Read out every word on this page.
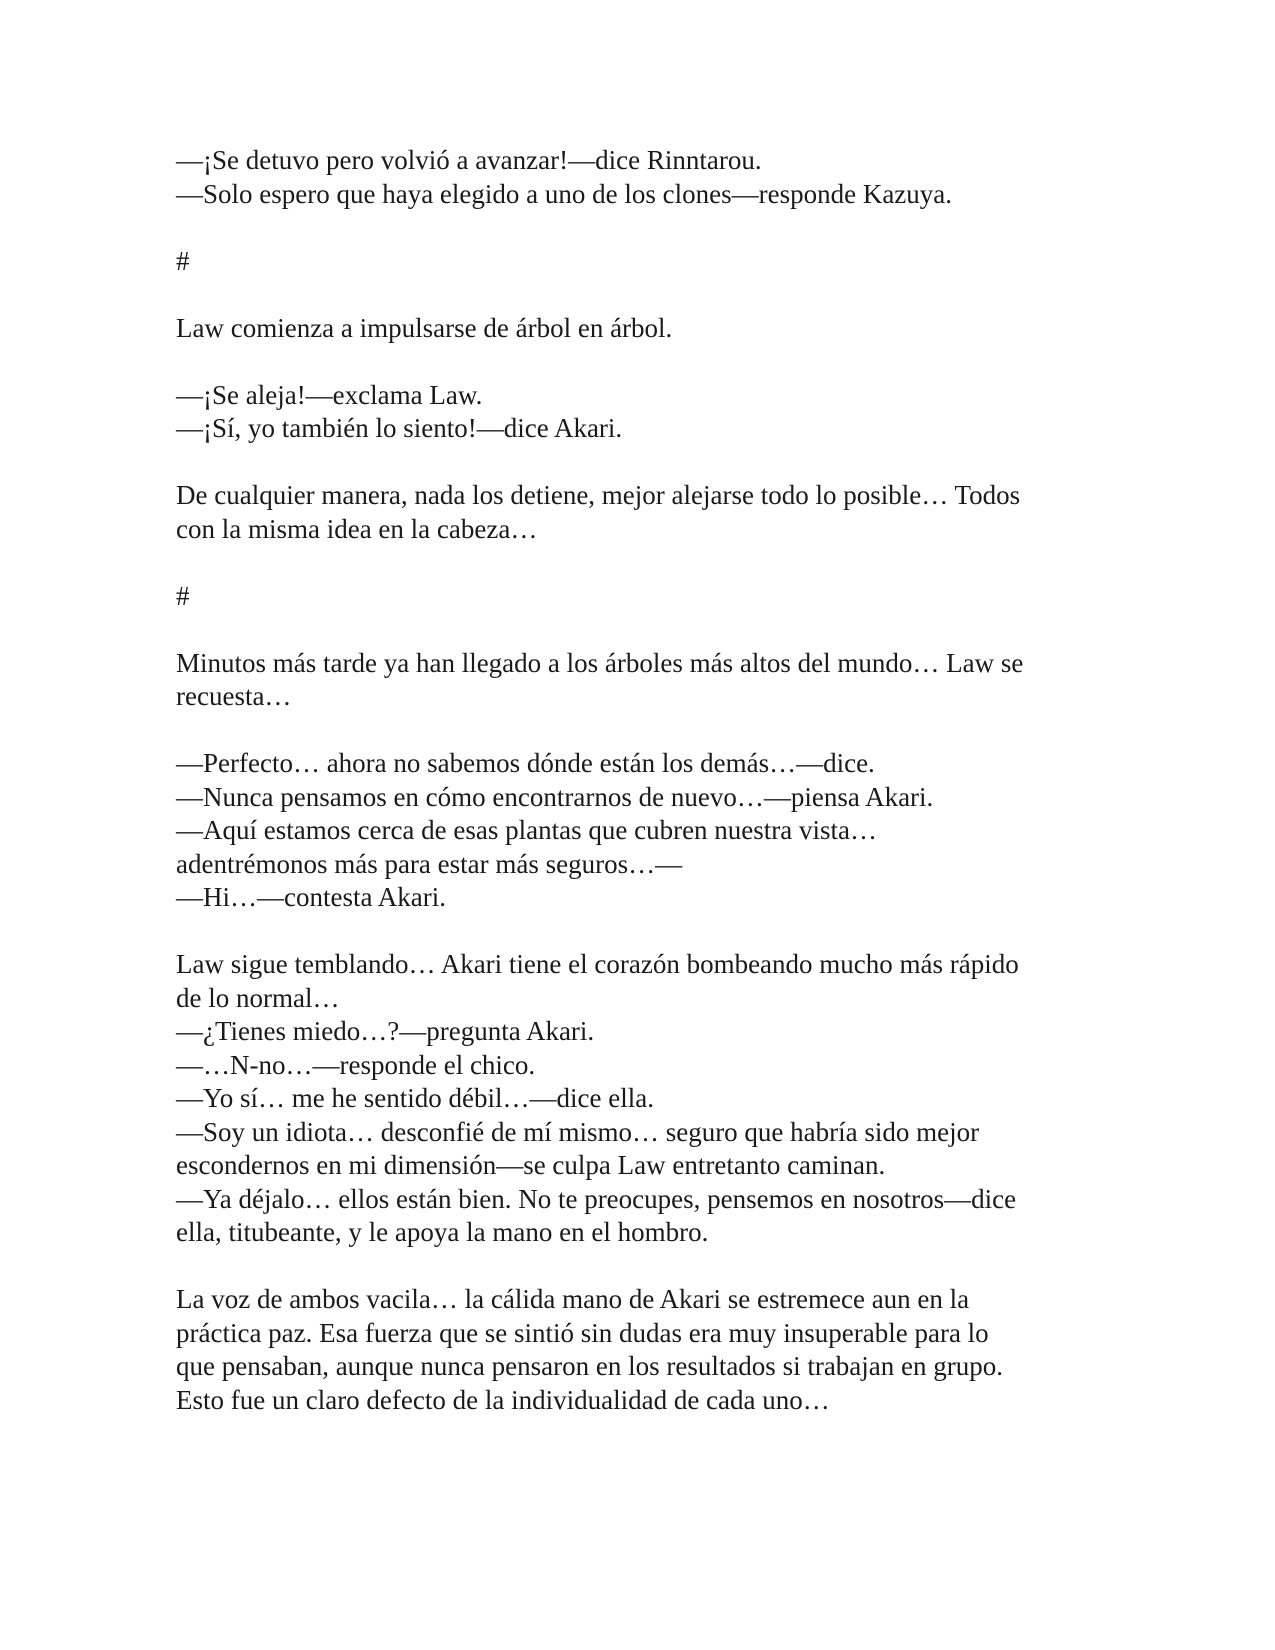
—¡Se detuvo pero volvió a avanzar!—dice Rinntarou.
—Solo espero que haya elegido a uno de los clones—responde Kazuya.
#
Law comienza a impulsarse de árbol en árbol.
—¡Se aleja!—exclama Law.
—¡Sí, yo también lo siento!—dice Akari.
De cualquier manera, nada los detiene, mejor alejarse todo lo posible… Todos
con la misma idea en la cabeza…
#
Minutos más tarde ya han llegado a los árboles más altos del mundo… Law se
recuesta…
—Perfecto… ahora no sabemos dónde están los demás…—dice.
—Nunca pensamos en cómo encontrarnos de nuevo…—piensa Akari.
—Aquí estamos cerca de esas plantas que cubren nuestra vista…
adentrémonos más para estar más seguros…—
—Hi…—contesta Akari.
Law sigue temblando… Akari tiene el corazón bombeando mucho más rápido
de lo normal…
—¿Tienes miedo…?—pregunta Akari.
—…N-no…—responde el chico.
—Yo sí… me he sentido débil…—dice ella.
—Soy un idiota… desconfié de mí mismo… seguro que habría sido mejor
escondernos en mi dimensión—se culpa Law entretanto caminan.
—Ya déjalo… ellos están bien. No te preocupes, pensemos en nosotros—dice
ella, titubeante, y le apoya la mano en el hombro.
La voz de ambos vacila… la cálida mano de Akari se estremece aun en la
práctica paz. Esa fuerza que se sintió sin dudas era muy insuperable para lo
que pensaban, aunque nunca pensaron en los resultados si trabajan en grupo.
Esto fue un claro defecto de la individualidad de cada uno…
